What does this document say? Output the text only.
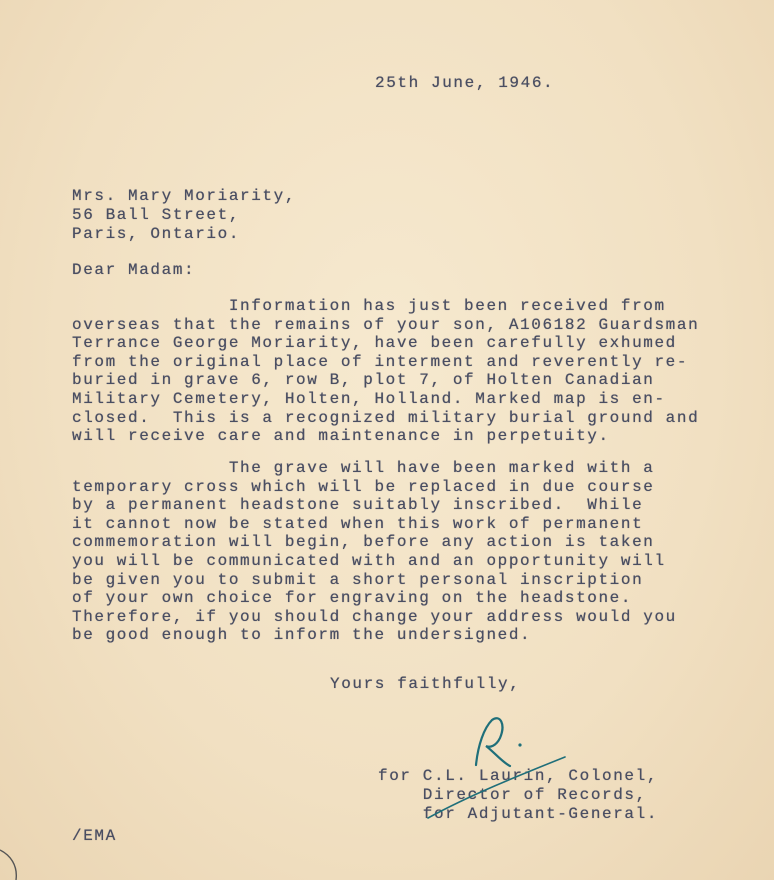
25th June, 1946.
Mrs. Mary Moriarity,
56 Ball Street,
Paris, Ontario.
Dear Madam:
Information has just been received from
overseas that the remains of your son, A106182 Guardsman
Terrance George Moriarity, have been carefully exhumed
from the original place of interment and reverently re-
buried in grave 6, row B, plot 7, of Holten Canadian
Military Cemetery, Holten, Holland. Marked map is en-
closed.  This is a recognized military burial ground and
will receive care and maintenance in perpetuity.
The grave will have been marked with a
temporary cross which will be replaced in due course
by a permanent headstone suitably inscribed.  While
it cannot now be stated when this work of permanent
commemoration will begin, before any action is taken
you will be communicated with and an opportunity will
be given you to submit a short personal inscription
of your own choice for engraving on the headstone.
Therefore, if you should change your address would you
be good enough to inform the undersigned.
Yours faithfully,
for C.L. Laurin, Colonel,
Director of Records,
for Adjutant-General.
/EMA
